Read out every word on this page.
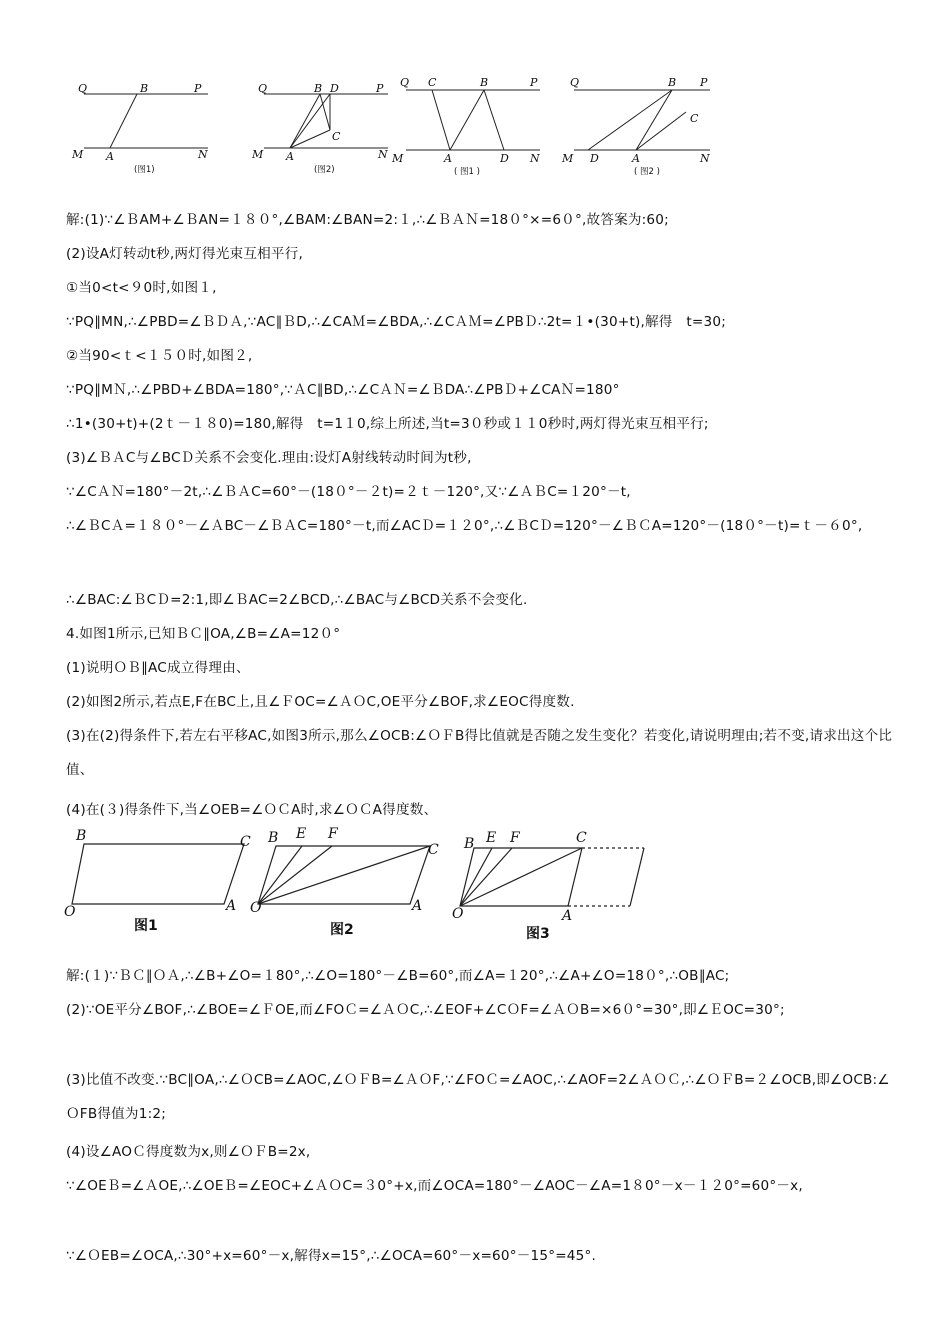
Q	B	P
M A	N
(图1)
Q	B D	P
C
M A	N
(图2)
Q C	B	P
M	A	D N
( 图1 )
Q	B P
C
M D	A	N
( 图2 )
解:(1)∵∠ＢAM+∠ＢAN=１８０°,∠BAM:∠BAN=2:１,∴∠ＢＡＮ=18０°×=6０°,故答案为:60;
(2)设A灯转动t秒,两灯得光束互相平行,
①当0<t<９0时,如图１,
∵PQ∥MN,∴∠PBD=∠ＢＤＡ,∵AC∥ＢD,∴∠CAＭ=∠BDA,∴∠CＡＭ=∠PBＤ∴2t=１•(30+t),解得　t=30;
②当90<ｔ<１５０时,如图２,
∵PQ∥MＮ,∴∠PBD+∠BDA=180°,∵ＡC∥BD,∴∠CＡＮ=∠ＢDA∴∠PBＤ+∠CAＮ=180°
∴1•(30+t)+(2ｔ－１８0)=180,解得　t=1１0,综上所述,当t=3０秒或１１0秒时,两灯得光束互相平行;
(3)∠ＢＡC与∠BCＤ关系不会变化.理由:设灯A射线转动时间为t秒,
∵∠CＡＮ=180°－2t,∴∠ＢＡC=60°－(18０°－２t)=２ｔ－120°,又∵∠ＡＢC=１20°－t,
∴∠ＢCＡ=１８０°－∠ＡBC－∠ＢＡC=180°－t,而∠ACＤ=１２0°,∴∠ＢCＤ=120°－∠ＢＣA=120°－(18０°－t)=ｔ－６0°,
∴∠BAC:∠ＢCＤ=2:1,即∠ＢAC=2∠BCD,∴∠BAC与∠BCD关系不会变化.
4.如图1所示,已知ＢＣ∥OA,∠B=∠A=12０°
(1)说明ＯＢ∥AC成立得理由、
(2)如图2所示,若点E,F在BC上,且∠ＦOC=∠ＡＯC,OE平分∠BOF,求∠EOC得度数.
(3)在(2)得条件下,若左右平移AC,如图3所示,那么∠OCB:∠ＯＦB得比值就是否随之发生变化？若变化,请说明理由;若不变,请求出这个比值、
(4)在(３)得条件下,当∠OEB=∠ＯＣA时,求∠ＯＣA得度数、
B	C
O	A
图1
B E F
C
O	A
图2
B E F	C
O	A
图3
解:(１)∵ＢＣ∥ＯＡ,∴∠B+∠O=１80°,∴∠O=180°－∠B=60°,而∠A=１20°,∴∠A+∠O=18０°,∴OB∥AC;
(2)∵OE平分∠BOF,∴∠BOE=∠ＦOE,而∠FOＣ=∠ＡＯC,∴∠EOF+∠CＯF=∠ＡＯB=×6０°=30°,即∠ＥOC=30°;
(3)比值不改变.∵BC∥OA,∴∠ＯCB=∠AOC,∠ＯＦB=∠ＡＯF,∵∠FOＣ=∠AOC,∴∠AOF=2∠ＡＯＣ,∴∠ＯＦB=２∠OCB,即∠OCB:∠ＯFB得值为1:2;
(4)设∠AOＣ得度数为x,则∠ＯＦB=2x,
∵∠OEＢ=∠ＡOE,∴∠OEＢ=∠EOC+∠ＡＯC=３0°+x,而∠OCA=180°－∠AOC－∠A=1８0°－x－１２0°=60°－x,
∵∠ＯEB=∠OCA,∴30°+x=60°－x,解得x=15°,∴∠OCA=60°－x=60°－15°=45°.
